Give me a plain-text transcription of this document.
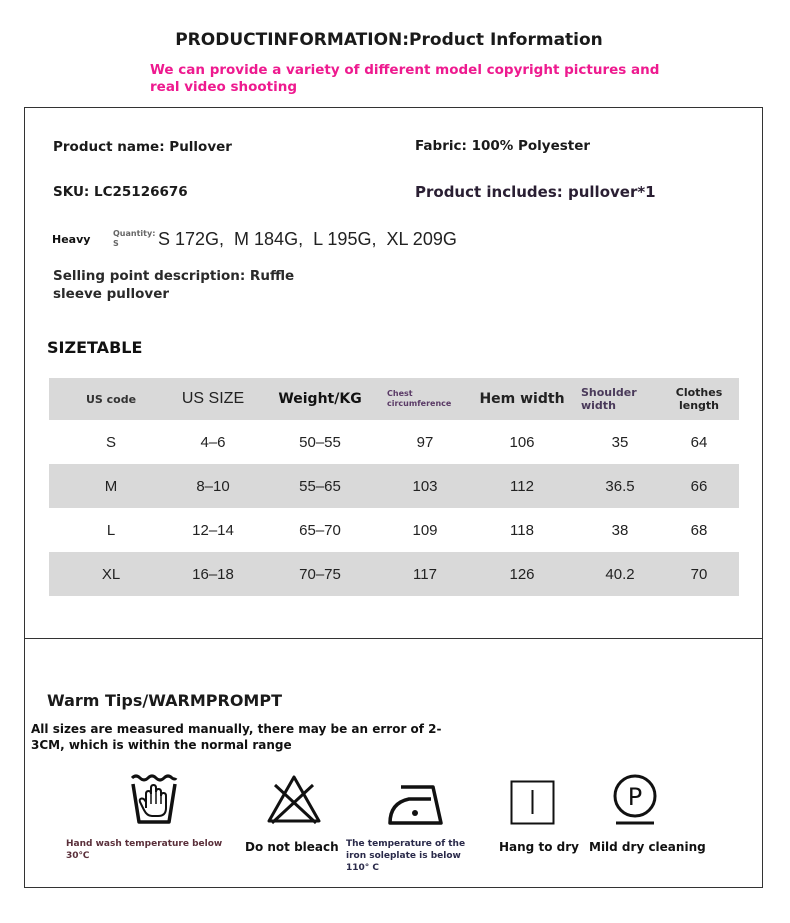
PRODUCTINFORMATION:Product Information
We can provide a variety of different model copyright pictures and real video shooting
Product name: Pullover	Fabric: 100% Polyester
SKU: LC25126676	Product includes: pullover*1
Heavy	Quantity:S	S 172G,  M 184G,  L 195G,  XL 209G
Selling point description: Ruffle sleeve pullover
SIZETABLE
US code	US SIZE	Weight/KG	Chest circumference	Hem width	Shoulder width	Clothes length
S	4–6	50–55	97	106	35	64
M	8–10	55–65	103	112	36.5	66
L	12–14	65–70	109	118	38	68
XL	16–18	70–75	117	126	40.2	70
Warm Tips/WARMPROMPT
All sizes are measured manually, there may be an error of 2-3CM, which is within the normal range
P
Hand wash temperature below 30℃
Do not bleach The temperature of the iron soleplate is below 110° C
Hang to dry Mild dry cleaning
